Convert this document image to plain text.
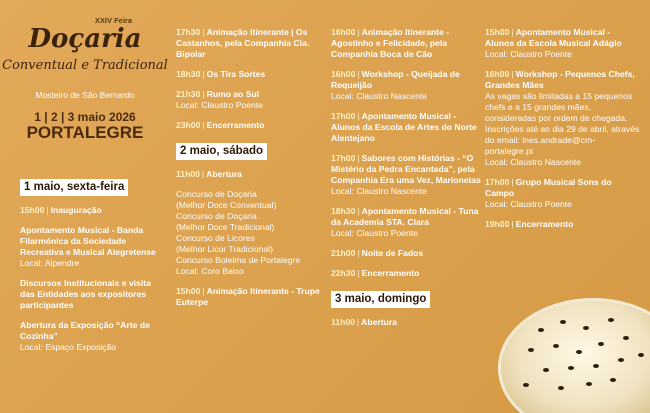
XXIV Feira
Doçaria
Conventual e Tradicional
Mosteiro de São Bernardo
1 | 2 | 3 maio 2026
PORTALEGRE
1 maio, sexta-feira
15h00 | Inauguração
Apontamento Musical - Banda Filarmónica da Sociedade Recreativa e Musical Alegretense
Local: Alpendre
Discursos Institucionais e visita das Entidades aos expositores participantes
Abertura da Exposição “Arte de Cozinha”
Local: Espaço Exposição
17h30 | Animação Itinerante | Os Castanhos, pela Companhia Cia. Bipolar
18h30 | Os Tira Sortes
21h30 | Rumo ao Sul
Local: Claustro Poente
23h00 | Encerramento
2 maio, sábado
11h00 | Abertura
Concurso de Doçaria
(Melhor Doce Conventual)
Concurso de Doçaria
(Melhor Doce Tradicional)
Concurso de Licores
(Melhor Licor Tradicional)
Concurso Boleima de Portalegre
Local: Coro Baixo
15h00 | Animação Itinerante - Trupe Euterpe
16h00 | Animação Itinerante - Agostinho e Felicidade, pela Companhia Boca de Cão
16h00 | Workshop - Queijada de Requeijão
Local: Claustro Nascente
17h00 | Apontamento Musical - Alunos da Escola de Artes do Norte Alentejano
17h00 | Sabores com Histórias - “O Mistério da Pedra Encantada”, pela Companhia Era uma Vez, Marionetas
Local: Claustro Nascente
18h30 | Apontamento Musical - Tuna da Academia STA. Clara
Local: Claustro Poente
21h00 | Noite de Fados
22h30 | Encerramento
3 maio, domingo
11h00 | Abertura
15h00 | Apontamento Musical - Alunos da Escola Musical Adágio
Local: Claustro Poente
16h00 | Workshop - Pequenos Chefs, Grandes Mães
As vagas são limitadas a 15 pequenos chefs e a 15 grandes mães, consideradas por ordem de chegada. Inscrições até ao dia 29 de abril, através do email: ines.andrade@cm-portalegre.pt
Local: Claustro Nascente
17h00 | Grupo Musical Sons do Campo
Local: Claustro Poente
19h00 | Encerramento
